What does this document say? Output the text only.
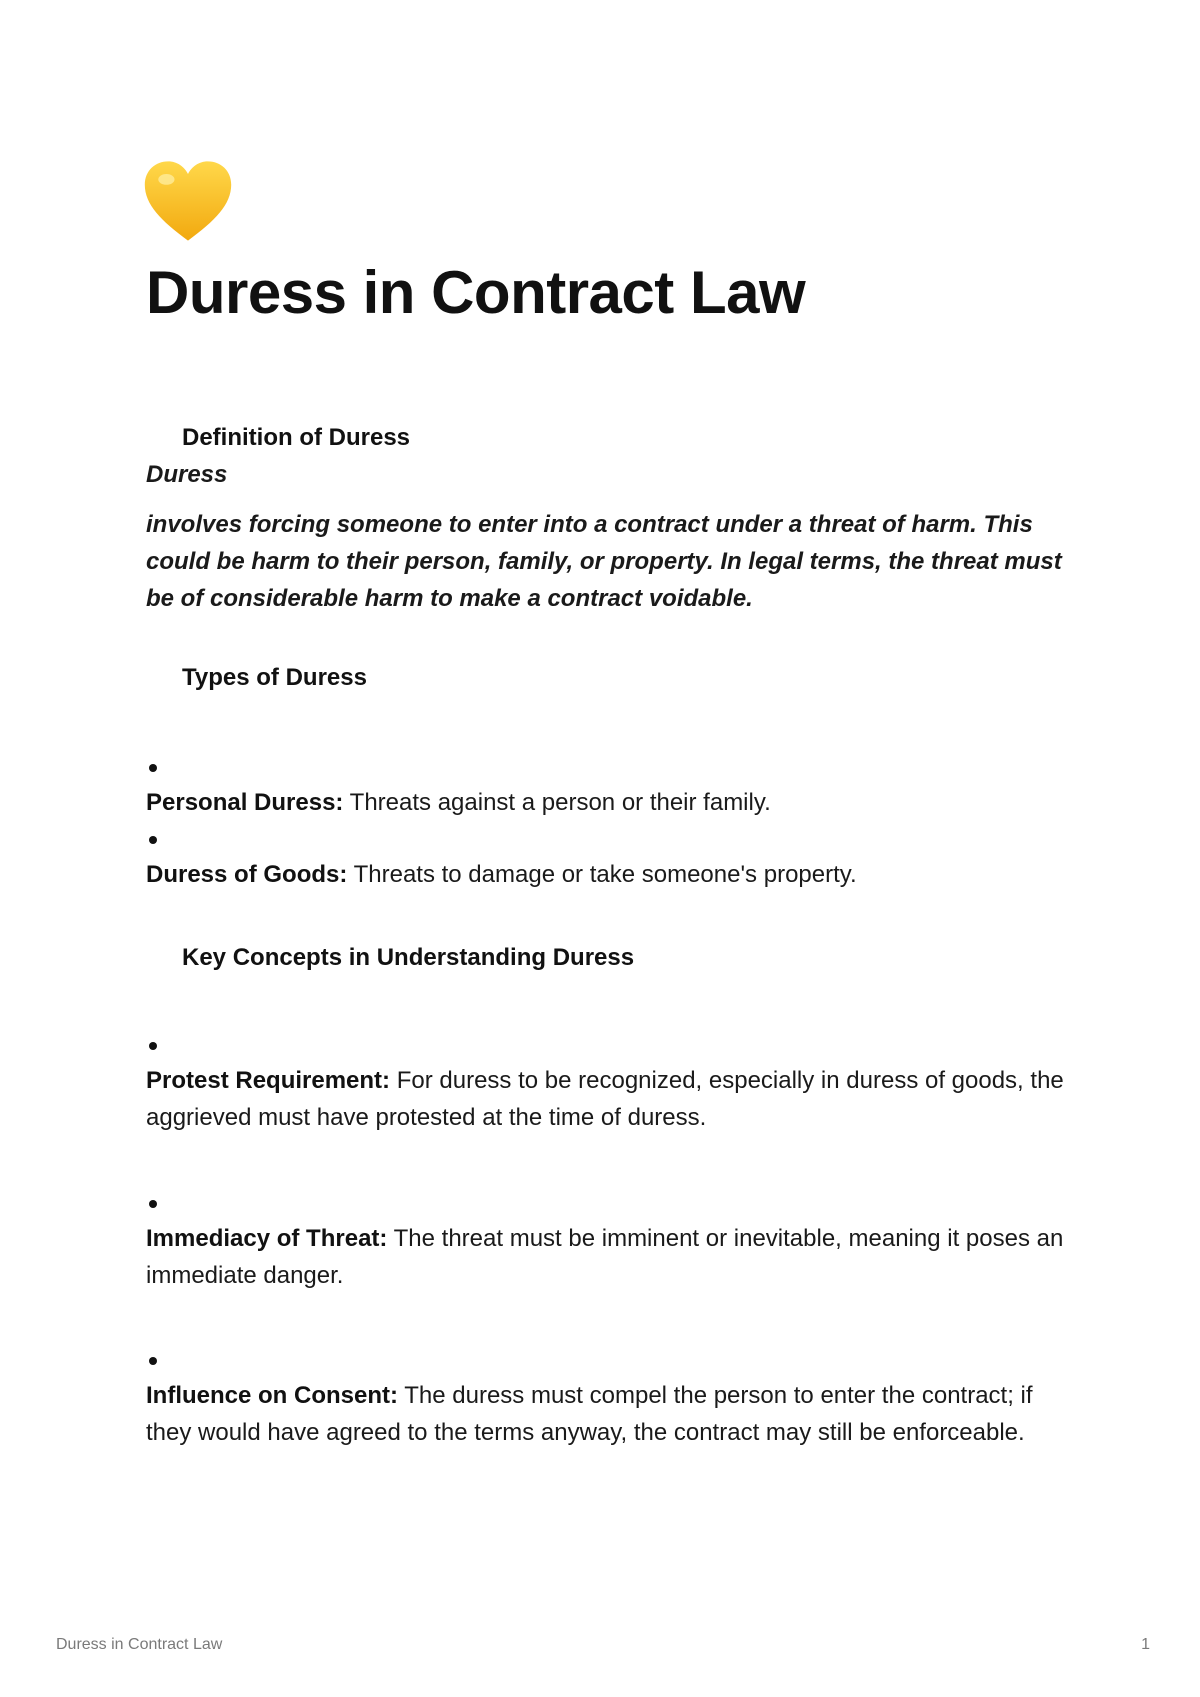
Duress in Contract Law
Definition of Duress

Duress

involves forcing someone to enter into a contract under a threat of harm. This could be harm to their person, family, or property. In legal terms, the threat must be of considerable harm to make a contract voidable.

Types of Duress

Personal Duress: Threats against a person or their family.

Duress of Goods: Threats to damage or take someone's property.

Key Concepts in Understanding Duress

Protest Requirement: For duress to be recognized, especially in duress of goods, the aggrieved must have protested at the time of duress.

Immediacy of Threat: The threat must be imminent or inevitable, meaning it poses an immediate danger.

Influence on Consent: The duress must compel the person to enter the contract; if they would have agreed to the terms anyway, the contract may still be enforceable.

Duress in Contract Law	1
